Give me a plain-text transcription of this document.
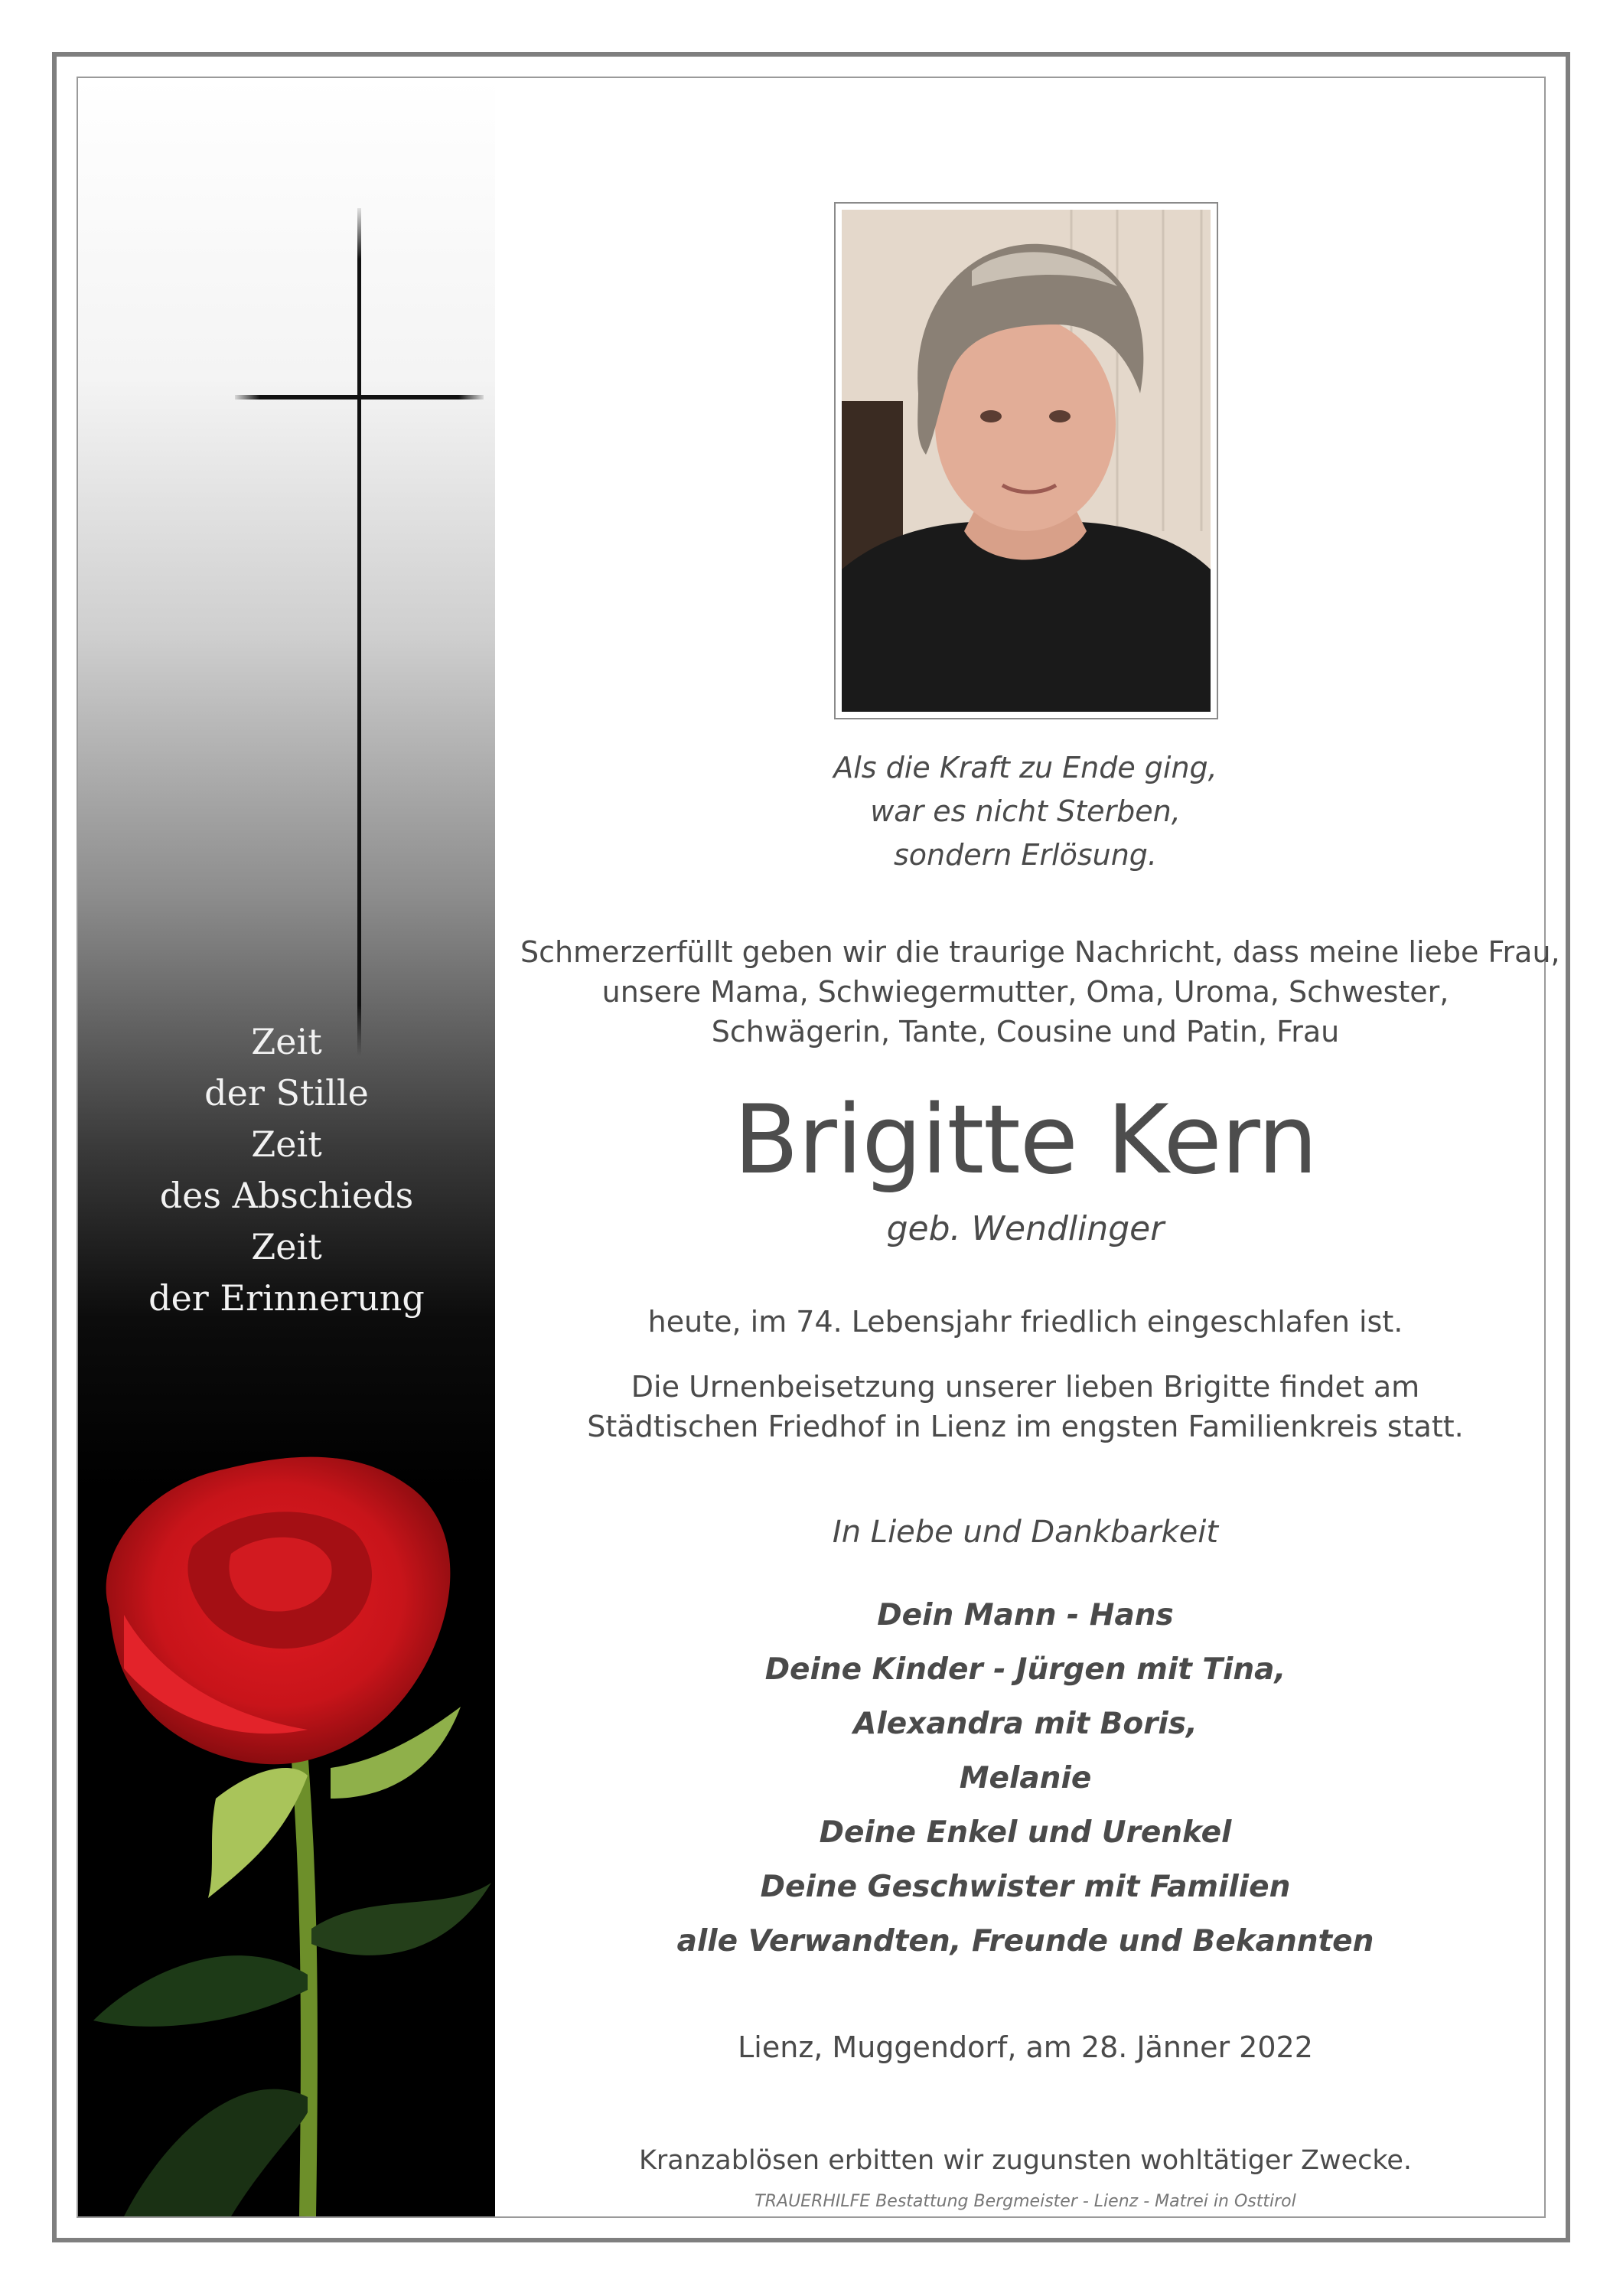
Zeit
der Stille
Zeit
des Abschieds
Zeit
der Erinnerung
Als die Kraft zu Ende ging,
war es nicht Sterben,
sondern Erlösung.
Schmerzerfüllt geben wir die traurige Nachricht, dass meine liebe Frau,
unsere Mama, Schwiegermutter, Oma, Uroma, Schwester,
Schwägerin, Tante, Cousine und Patin, Frau
Brigitte Kern
geb. Wendlinger
heute, im 74. Lebensjahr friedlich eingeschlafen ist.
Die Urnenbeisetzung unserer lieben Brigitte findet am
Städtischen Friedhof in Lienz im engsten Familienkreis statt.
In Liebe und Dankbarkeit
Dein Mann - Hans
Deine Kinder - Jürgen mit Tina,
Alexandra mit Boris,
Melanie
Deine Enkel und Urenkel
Deine Geschwister mit Familien
alle Verwandten, Freunde und Bekannten
Lienz, Muggendorf, am 28. Jänner 2022
Kranzablösen erbitten wir zugunsten wohltätiger Zwecke.
TRAUERHILFE Bestattung Bergmeister - Lienz - Matrei in Osttirol
